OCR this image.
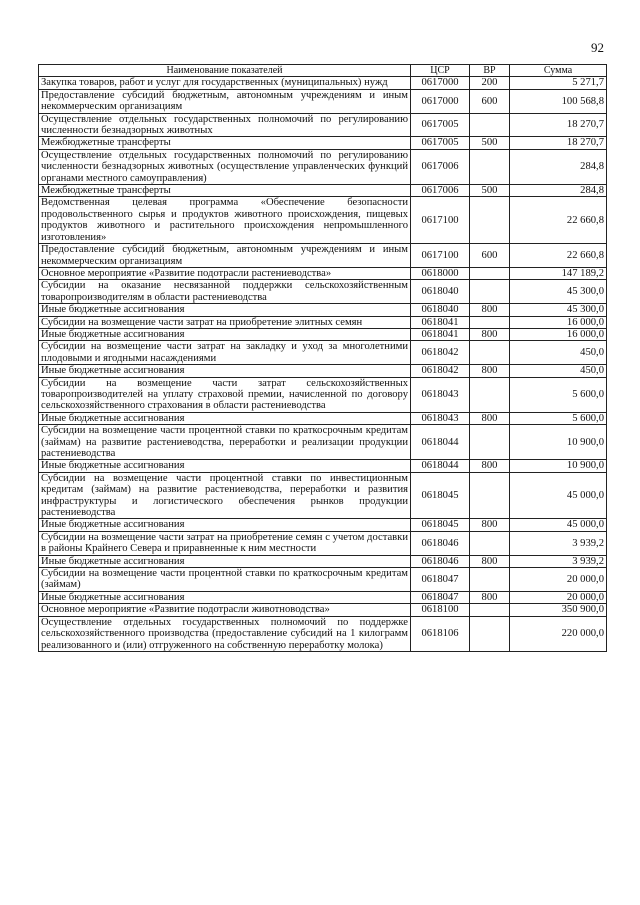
92
Наименование показателей	ЦСР	ВР	Сумма
Закупка товаров, работ и услуг для государственных (муниципальных) нужд	0617000	200	5 271,7
Предоставление субсидий бюджетным, автономным учреждениям и иным некоммерческим организациям	0617000	600	100 568,8
Осуществление отдельных государственных полномочий по регулированию численности безнадзорных животных	0617005		18 270,7
Межбюджетные трансферты	0617005	500	18 270,7
Осуществление отдельных государственных полномочий по регулированию численности безнадзорных животных (осуществление управленческих функций органами местного самоуправления)	0617006		284,8
Межбюджетные трансферты	0617006	500	284,8
Ведомственная целевая программа «Обеспечение безопасности продовольственного сырья и продуктов животного происхождения, пищевых продуктов животного и растительного происхождения непромышленного изготовления»	0617100		22 660,8
Предоставление субсидий бюджетным, автономным учреждениям и иным некоммерческим организациям	0617100	600	22 660,8
Основное мероприятие «Развитие подотрасли растениеводства»	0618000		147 189,2
Субсидии на оказание несвязанной поддержки сельскохозяйственным товаропроизводителям в области растениеводства	0618040		45 300,0
Иные бюджетные ассигнования	0618040	800	45 300,0
Субсидии на возмещение части затрат на приобретение элитных семян	0618041		16 000,0
Иные бюджетные ассигнования	0618041	800	16 000,0
Субсидии на возмещение части затрат на закладку и уход за многолетними плодовыми и ягодными насаждениями	0618042		450,0
Иные бюджетные ассигнования	0618042	800	450,0
Субсидии на возмещение части затрат сельскохозяйственных товаропроизводителей на уплату страховой премии, начисленной по договору сельскохозяйственного страхования в области растениеводства	0618043		5 600,0
Иные бюджетные ассигнования	0618043	800	5 600,0
Субсидии на возмещение части процентной ставки по краткосрочным кредитам (займам) на развитие растениеводства, переработки и реализации продукции растениеводства	0618044		10 900,0
Иные бюджетные ассигнования	0618044	800	10 900,0
Субсидии на возмещение части процентной ставки по инвестиционным кредитам (займам) на развитие растениеводства, переработки и развития инфраструктуры и логистического обеспечения рынков продукции растениеводства	0618045		45 000,0
Иные бюджетные ассигнования	0618045	800	45 000,0
Субсидии на возмещение части затрат на приобретение семян с учетом доставки в районы Крайнего Севера и приравненные к ним местности	0618046		3 939,2
Иные бюджетные ассигнования	0618046	800	3 939,2
Субсидии на возмещение части процентной ставки по краткосрочным кредитам (займам)	0618047		20 000,0
Иные бюджетные ассигнования	0618047	800	20 000,0
Основное мероприятие «Развитие подотрасли животноводства»	0618100		350 900,0
Осуществление отдельных государственных полномочий по поддержке сельскохозяйственного производства (предоставление субсидий на 1 килограмм реализованного и (или) отгруженного на собственную переработку молока)	0618106		220 000,0
